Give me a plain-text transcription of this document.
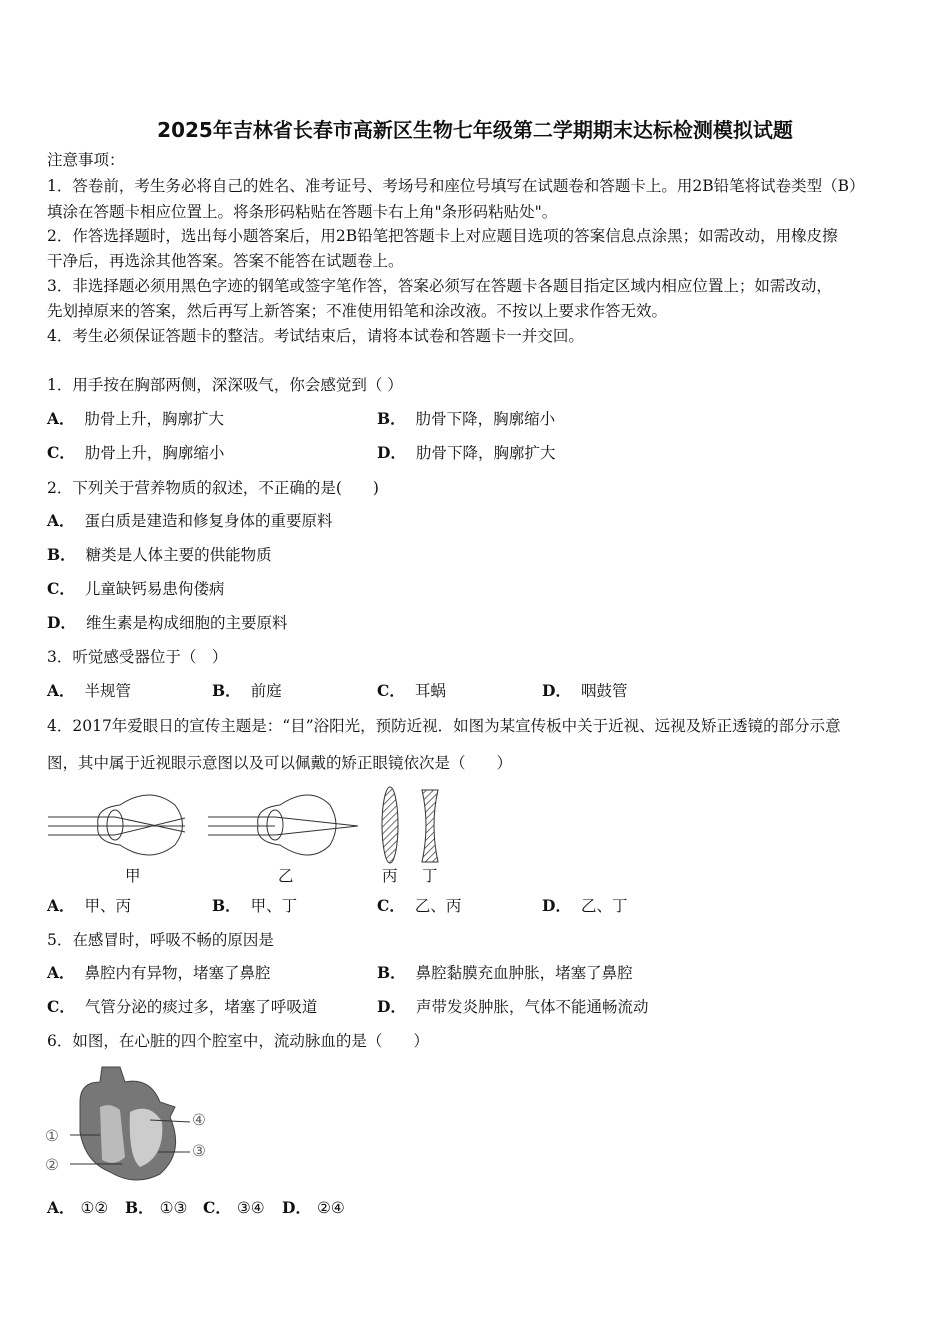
2025年吉林省长春市高新区生物七年级第二学期期末达标检测模拟试题
甲	乙	丙 丁
①
②
③
④
注意事项：
1．答卷前，考生务必将自己的姓名、准考证号、考场号和座位号填写在试题卷和答题卡上。用2B铅笔将试卷类型（B）
填涂在答题卡相应位置上。将条形码粘贴在答题卡右上角"条形码粘贴处"。
2．作答选择题时，选出每小题答案后，用2B铅笔把答题卡上对应题目选项的答案信息点涂黑；如需改动，用橡皮擦
干净后，再选涂其他答案。答案不能答在试题卷上。
3．非选择题必须用黑色字迹的钢笔或签字笔作答，答案必须写在答题卡各题目指定区域内相应位置上；如需改动，
先划掉原来的答案，然后再写上新答案；不准使用铅笔和涂改液。不按以上要求作答无效。
4．考生必须保证答题卡的整洁。考试结束后，请将本试卷和答题卡一并交回。
1．用手按在胸部两侧，深深吸气，你会感觉到（ ）
A． 肋骨上升，胸廓扩大	B． 肋骨下降，胸廓缩小
C． 肋骨上升，胸廓缩小	D． 肋骨下降，胸廓扩大
2．下列关于营养物质的叙述，不正确的是(　　)
A． 蛋白质是建造和修复身体的重要原料
B． 糖类是人体主要的供能物质
C． 儿童缺钙易患佝偻病
D． 维生素是构成细胞的主要原料
3．听觉感受器位于（　）
A． 半规管	B． 前庭	C． 耳蜗	D． 咽鼓管
4．2017年爱眼日的宣传主题是：“目”浴阳光，预防近视．如图为某宣传板中关于近视、远视及矫正透镜的部分示意
图，其中属于近视眼示意图以及可以佩戴的矫正眼镜依次是（　　）
A． 甲、丙	B． 甲、丁	C． 乙、丙	D． 乙、丁
5．在感冒时，呼吸不畅的原因是
A． 鼻腔内有异物，堵塞了鼻腔	B． 鼻腔黏膜充血肿胀，堵塞了鼻腔
C． 气管分泌的痰过多，堵塞了呼吸道	D． 声带发炎肿胀，气体不能通畅流动
6．如图，在心脏的四个腔室中，流动脉血的是（　　）
A． ①② B． ①③ C． ③④ D． ②④
